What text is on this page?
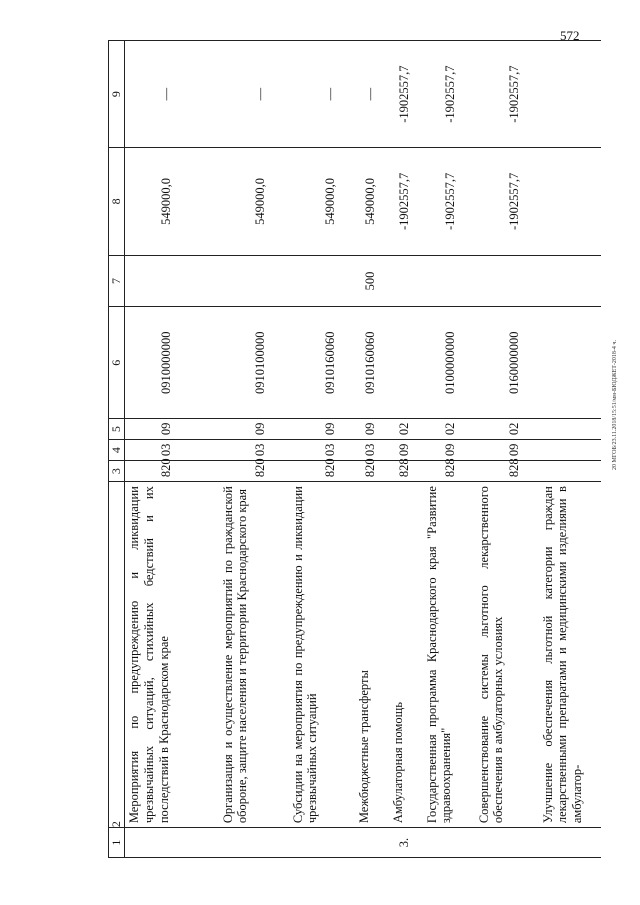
572
20 МГОБ/23.11.2018/15:51/мм-БЮДЖЕТ-2018-4 ч.
1	2	3	4	5	6	7	8	9
	Мероприятия по предупреждению и ликвидации чрезвычайных ситуаций, стихийных бедствий и их последствий в Краснодарском крае	820	03	09	0910000000		549000,0	—
	Организация и осуществление мероприятий по гражданской обороне, защите населения и территории Краснодарского края	820	03	09	0910100000		549000,0	—
	Субсидии на мероприятия по предупреждению и ликвидации чрезвычайных ситуаций	820	03	09	0910160060		549000,0	—
	Межбюджетные трансферты	820	03	09	0910160060	500	549000,0	—
3.	Амбулаторная помощь	828	09	02			-1902557,7	-1902557,7
	Государственная программа Краснодарского края "Развитие здравоохранения"	828	09	02	0100000000		-1902557,7	-1902557,7
	Совершенствование системы льготного лекарственного обеспечения в амбулаторных условиях	828	09	02	0160000000		-1902557,7	-1902557,7
	Улучшение обеспечения льготной категории граждан лекарственными препаратами и медицинскими изделиями в амбулатор-							
